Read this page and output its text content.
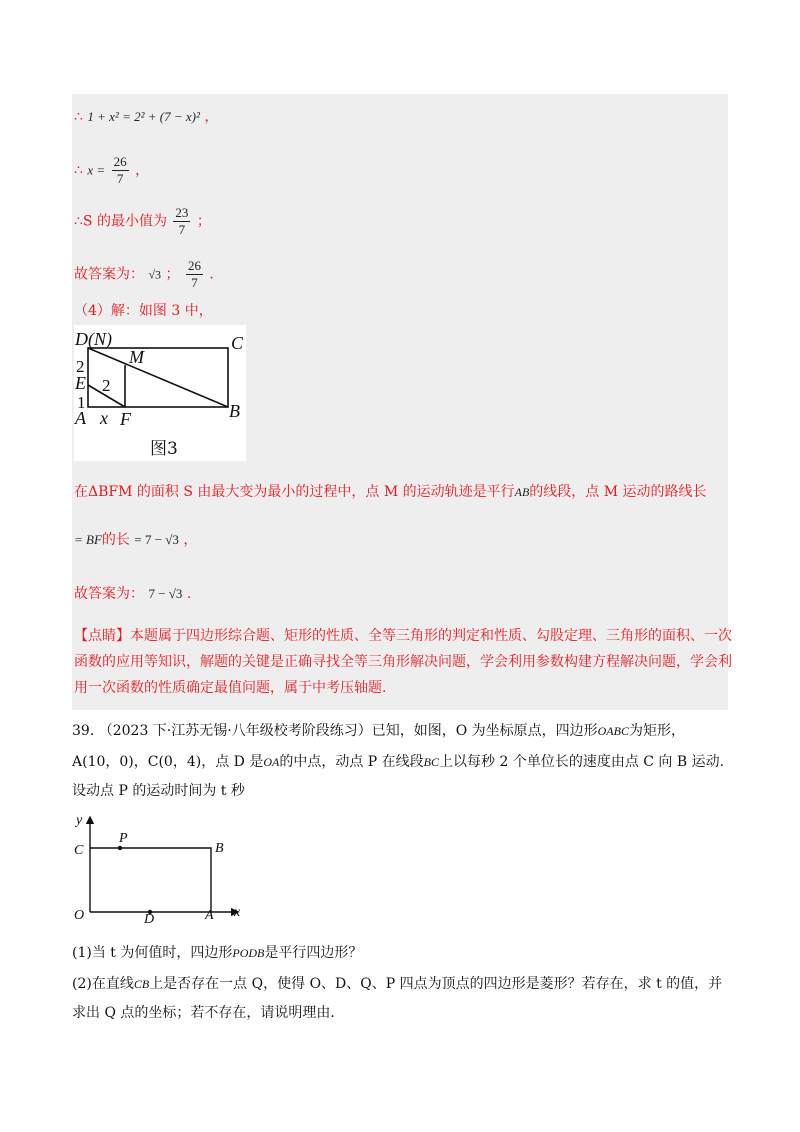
∴ 1 + x² = 2² + (7 − x)² ，
∴ $x = \frac{26}{7}$ ，
∴S 的最小值为 $\frac{23}{7}$ ；
故答案为： √3 ； $\frac{26}{7}$ .
（4）解：如图 3 中，
D (N)	C
M
E
A F	B
x
2
2
1
图3
在ΔBFM 的面积 S 由最大变为最小的过程中，点 M 的运动轨迹是平行AB的线段，点 M 运动的路线长
= BF的长 = 7 − √3 ，
故答案为： 7 − √3 .
【点睛】本题属于四边形综合题、矩形的性质、全等三角形的判定和性质、勾股定理、三角形的面积、一次函数的应用等知识，解题的关键是正确寻找全等三角形解决问题，学会利用参数构建方程解决问题，学会利用一次函数的性质确定最值问题，属于中考压轴题.
39. （2023 下·江苏无锡·八年级校考阶段练习）已知，如图，O 为坐标原点，四边形OABC为矩形，
A(10，0)，C(0，4)，点 D 是OA的中点，动点 P 在线段BC上以每秒 2 个单位长的速度由点 C 向 B 运动.
设动点 P 的运动时间为 t 秒
y
P
C	B
O	D	A x
(1)当 t 为何值时，四边形PODB是平行四边形？
(2)在直线CB上是否存在一点 Q，使得 O、D、Q、P 四点为顶点的四边形是菱形？若存在，求 t 的值，并
求出 Q 点的坐标；若不存在，请说明理由.
